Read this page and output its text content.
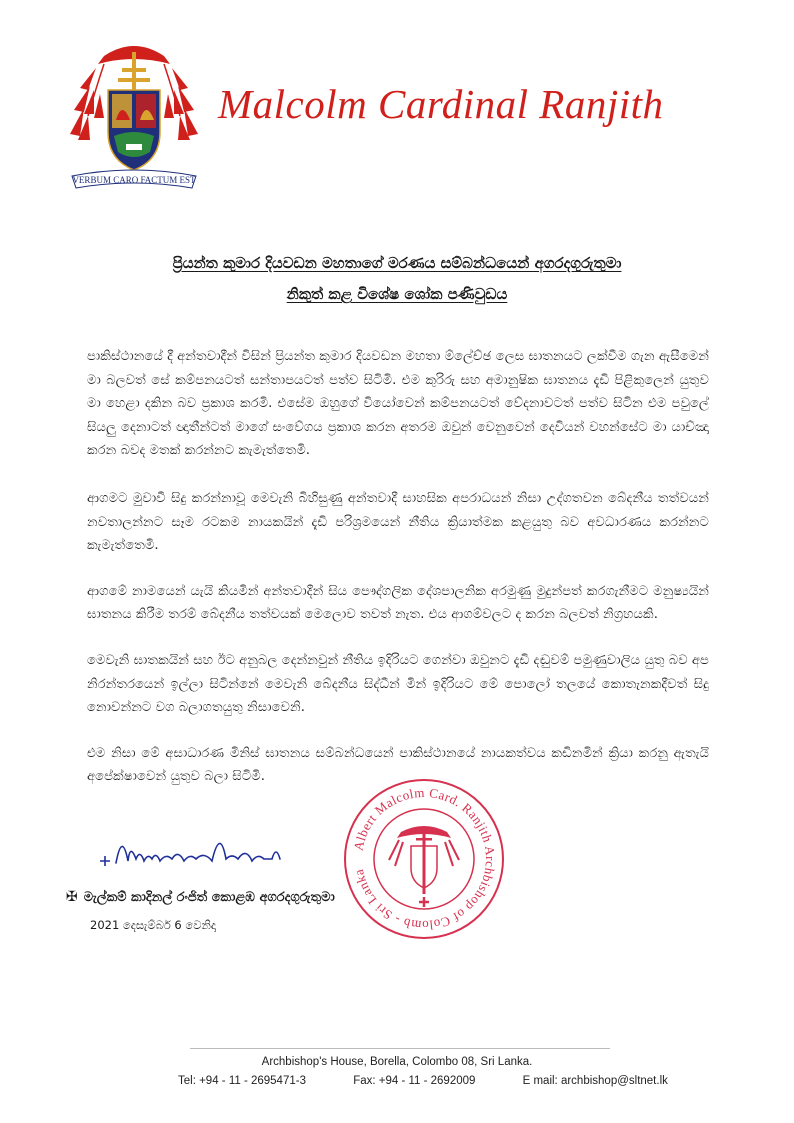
VERBUM CARO FACTUM EST
Malcolm Cardinal Ranjith
ප්‍රියන්ත කුමාර දියවඩන මහතාගේ මරණය සම්බන්ධයෙන් අගරදගුරුතුමා
නිකුත් කළ විශේෂ ශෝක පණිවුඩය

පාකිස්ථානයේ දී අන්තවාදීන් විසින් ප්‍රියන්ත කුමාර දියවඩන මහතා ම්ලේච්ඡ ලෙස ඝාතනයට ලක්වීම ගැන ඇසීමෙන් මා බලවත් සේ කම්පනයටත් සන්තාපයටත් පත්ව සිටිමි. එම කුරිරු සහ අමානුෂික ඝාතනය දැඩි පිළිකුලෙන් යුතුව මා හෙළා දකින බව ප්‍රකාශ කරමි. එසේම ඔහුගේ වියෝවෙන් කම්පනයටත් වේදනාවටත් පත්ව සිටින එම පවුලේ සියලු දෙනාටත් ඥාතීන්ටත් මාගේ සංවේගය ප්‍රකාශ කරන අතරම ඔවුන් වෙනුවෙන් දෙවියන් වහන්සේට මා යාච්ඤා කරන බවද මතක් කරන්නට කැමැත්තෙමි.

ආගමට මුවාවී සිදු කරන්නාවූ මෙවැනි බිහිසුණු අන්තවාදී සාහසික අපරාධයන් නිසා උද්ගතවන බේදනීය තත්වයන් නවතාලන්නට සෑම රටකම නායකයින් දැඩි පරිශ්‍රමයෙන් නීතිය ක්‍රියාත්මක කළයුතු බව අවධාරණය කරන්නට කැමැත්තෙමි.

ආගමේ නාමයෙන් යැයි කියමින් අන්තවාදීන් සිය පෞද්ගලික දේශපාලනික අරමුණු මුදුන්පත් කරගැනීමට මනුෂ්‍යයින් ඝාතනය කිරීම තරම් බේදනීය තත්වයක් මෙලොව තවත් නැත. එය ආගම්වලට ද කරන බලවත් නිග්‍රහයකි.

මෙවැනි ඝාතකයින් සහ ඊට අනුබල දෙන්නවුන් නීතිය ඉදිරියට ගෙන්වා ඔවුනට දැඩි දඬුවම් පමුණුවාලිය යුතු බව අප නිරන්තරයෙන් ඉල්ලා සිටින්නේ මෙවැනි බේදනීය සිද්ධීන් මින් ඉදිරියට මේ පොලෝ තලයේ කොතැනකදීවත් සිදු නොවන්නට වග බලාගතයුතු නිසාවෙනි.

එම නිසා මේ අසාධාරණ මිනිස් ඝාතනය සම්බන්ධයෙන් පාකිස්ථානයේ නායකත්වය කඩිනමින් ක්‍රියා කරනු ඇතැයි අපේක්ෂාවෙන් යුතුව බලා සිටිමි.

Albert Malcolm Card. Ranjith Archbishop of Colomb - Sri Lanka
✠ මැල්කම් කාදිනල් රංජිත් කොළඹ අගරදගුරුතුමා
2021 දෙසැම්බර් 6 වෙනිදා
Archbishop's House, Borella, Colombo 08, Sri Lanka.
Tel: +94 - 11 - 2695471-3	Fax: +94 - 11 - 2692009	E mail: archbishop@sltnet.lk
